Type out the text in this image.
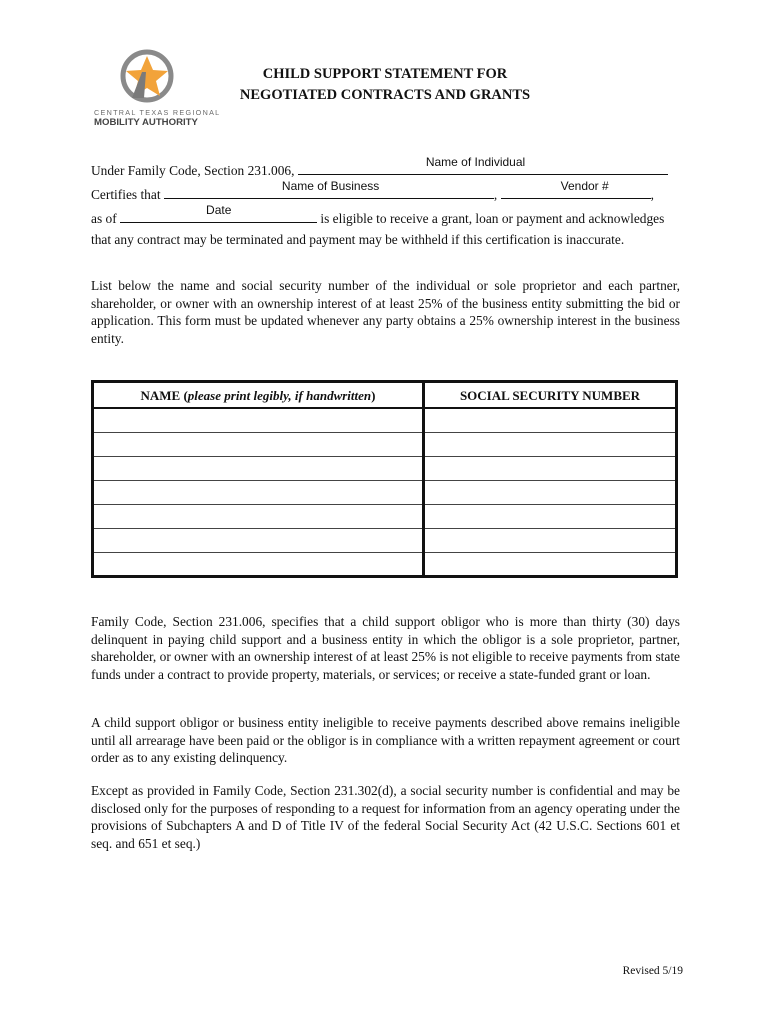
CENTRAL TEXAS REGIONAL
MOBILITY AUTHORITY
CHILD SUPPORT STATEMENT FOR
NEGOTIATED CONTRACTS AND GRANTS
Under Family Code, Section 231.006,
Name of Individual
Certifies that
Name of Business
,
Vendor #
,
as of
Date
is eligible to receive a grant, loan or payment and acknowledges
that any contract may be terminated and payment may be withheld if this certification is inaccurate.
List below the name and social security number of the individual or sole proprietor and each partner, shareholder, or owner with an ownership interest of at least 25% of the business entity submitting the bid or application. This form must be updated whenever any party obtains a 25% ownership interest in the business entity.
NAME (please print legibly, if handwritten)	SOCIAL SECURITY NUMBER
Family Code, Section 231.006, specifies that a child support obligor who is more than thirty (30) days delinquent in paying child support and a business entity in which the obligor is a sole proprietor, partner, shareholder, or owner with an ownership interest of at least 25% is not eligible to receive payments from state funds under a contract to provide property, materials, or services; or receive a state-funded grant or loan.
A child support obligor or business entity ineligible to receive payments described above remains ineligible until all arrearage have been paid or the obligor is in compliance with a written repayment agreement or court order as to any existing delinquency.
Except as provided in Family Code, Section 231.302(d), a social security number is confidential and may be disclosed only for the purposes of responding to a request for information from an agency operating under the provisions of Subchapters A and D of Title IV of the federal Social Security Act (42 U.S.C. Sections 601 et seq. and 651 et seq.)
Revised 5/19
